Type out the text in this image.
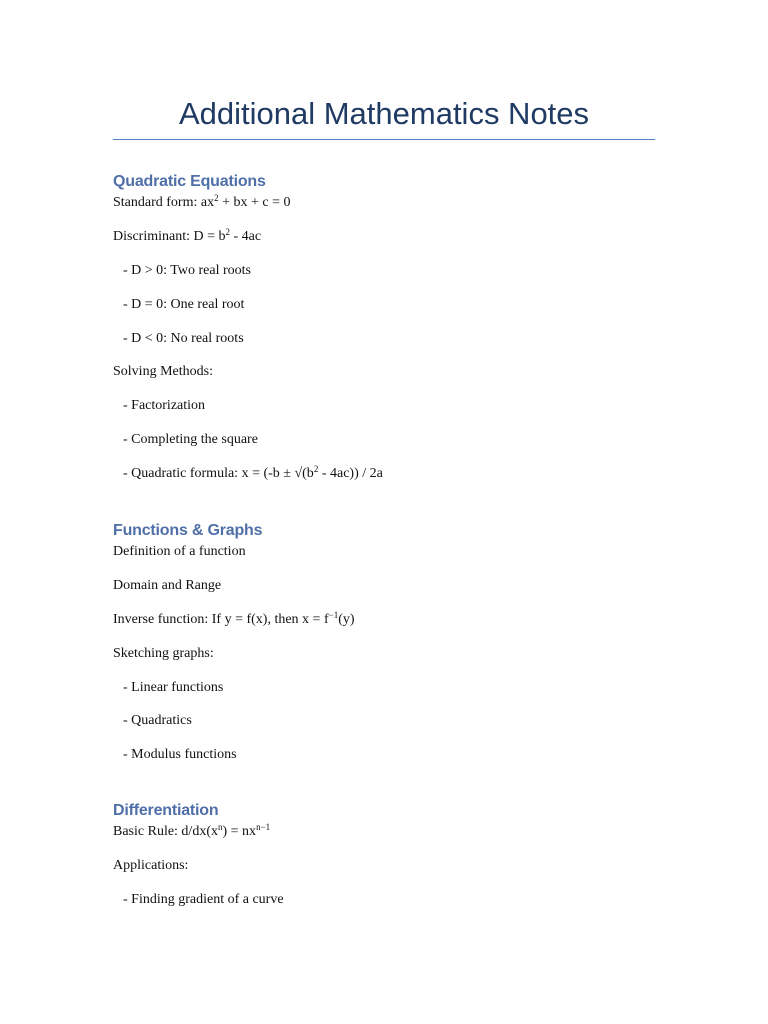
Additional Mathematics Notes
Quadratic Equations

Standard form: $ax^2$ + bx + c = 0

Discriminant: $D = b^2 - 4ac$

- D > 0: Two real roots

- D = 0: One real root

- D < 0: No real roots

Solving Methods:

- Factorization

- Completing the square

- Quadratic formula: $x = (-b \pm √(b^2 - 4ac)) / 2a$

Functions & Graphs

Definition of a function

Domain and Range

Inverse function: If y = f(x), then $x = f^{-1}(y)$

Sketching graphs:

- Linear functions

- Quadratics

- Modulus functions

Differentiation

Basic Rule: $d/dx(x^n) = nx^{n-1}$

Applications:

- Finding gradient of a curve
